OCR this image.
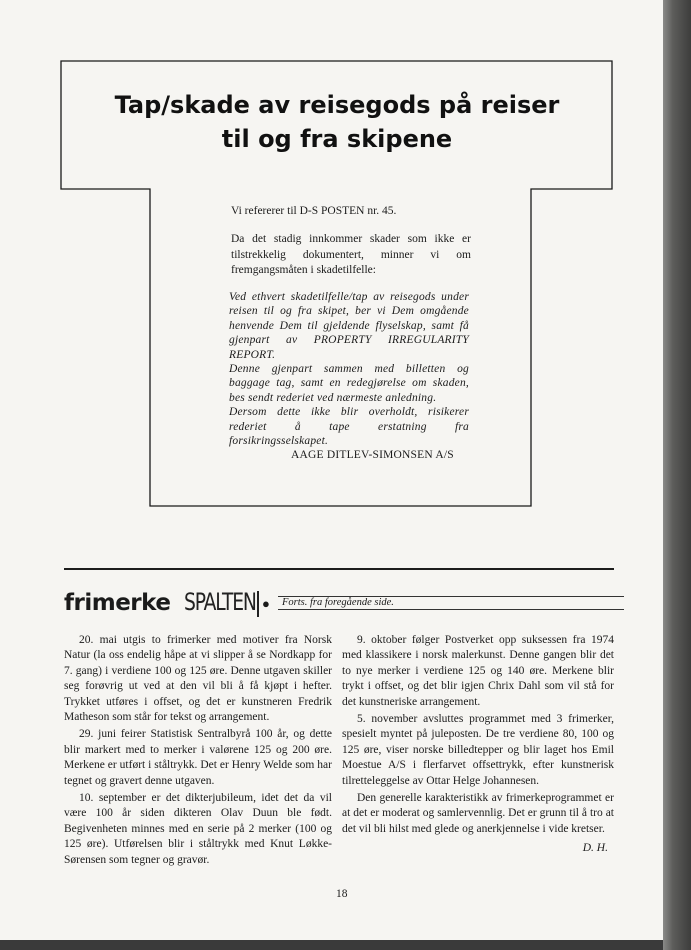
Tap/skade av reisegods på reiser
til og fra skipene
Vi refererer til D-S POSTEN nr. 45.
Da det stadig innkommer skader som ikke er tilstrekkelig dokumentert, minner vi om fremgangsmåten i skadetilfelle:

Ved ethvert skadetilfelle/tap av reisegods under reisen til og fra skipet, ber vi Dem omgående henvende Dem til gjeldende flyselskap, samt få gjenpart av PROPERTY IRREGULARITY REPORT.

Denne gjenpart sammen med billetten og baggage tag, samt en redegjørelse om skaden, bes sendt rederiet ved nærmeste anledning.

Dersom dette ikke blir overholdt, risikerer rederiet å tape erstatning fra forsikringsselskapet.

AAGE DITLEV-SIMONSEN A/S
frimerke SPALTEN ● Forts. fra foregående side.

20. mai utgis to frimerker med motiver fra Norsk Natur (la oss endelig håpe at vi slipper å se Nordkapp for 7. gang) i verdiene 100 og 125 øre. Denne utgaven skiller seg forøvrig ut ved at den vil bli å få kjøpt i hefter. Trykket utføres i offset, og det er kunstneren Fredrik Matheson som står for tekst og arrangement.

29. juni feirer Statistisk Sentralbyrå 100 år, og dette blir markert med to merker i valørene 125 og 200 øre. Merkene er utført i ståltrykk. Det er Henry Welde som har tegnet og gravert denne utgaven.

10. september er det dikterjubileum, idet det da vil være 100 år siden dikteren Olav Duun ble født. Begivenheten minnes med en serie på 2 merker (100 og 125 øre). Utførelsen blir i ståltrykk med Knut Løkke-Sørensen som tegner og gravør.

9. oktober følger Postverket opp suksessen fra 1974 med klassikere i norsk malerkunst. Denne gangen blir det to nye merker i verdiene 125 og 140 øre. Merkene blir trykt i offset, og det blir igjen Chrix Dahl som vil stå for det kunstneriske arrangement.

5. november avsluttes programmet med 3 frimerker, spesielt myntet på juleposten. De tre verdiene 80, 100 og 125 øre, viser norske billedtepper og blir laget hos Emil Moestue A/S i flerfarvet offsettrykk, efter kunstnerisk tilretteleggelse av Ottar Helge Johannesen.

Den generelle karakteristikk av frimerkeprogrammet er at det er moderat og samlervennlig. Det er grunn til å tro at det vil bli hilst med glede og anerkjennelse i vide kretser.

D. H.

18
